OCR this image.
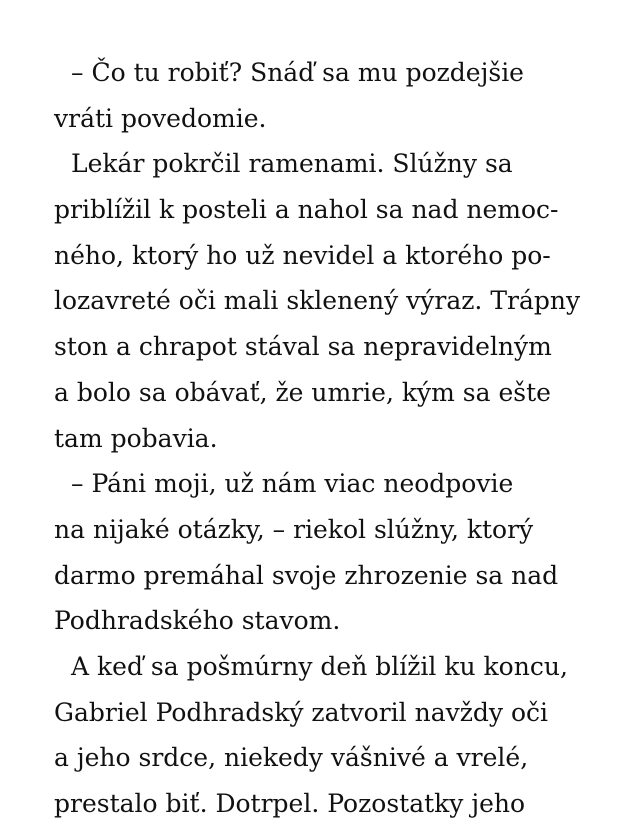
– Čo tu robiť? Snáď sa mu pozdejšie
vráti povedomie.
Lekár pokrčil ramenami. Slúžny sa
priblížil k posteli a nahol sa nad nemoc-
ného, ktorý ho už nevidel a ktorého po-
lozavreté oči mali sklenený výraz. Trápny
ston a chrapot stával sa nepravidelným
a bolo sa obávať, že umrie, kým sa ešte
tam pobavia.
– Páni moji, už nám viac neodpovie
na nijaké otázky, – riekol slúžny, ktorý
darmo premáhal svoje zhrozenie sa nad
Podhradského stavom.
A keď sa pošmúrny deň blížil ku koncu,
Gabriel Podhradský zatvoril navždy oči
a jeho srdce, niekedy vášnivé a vrelé,
prestalo biť. Dotrpel. Pozostatky jeho
